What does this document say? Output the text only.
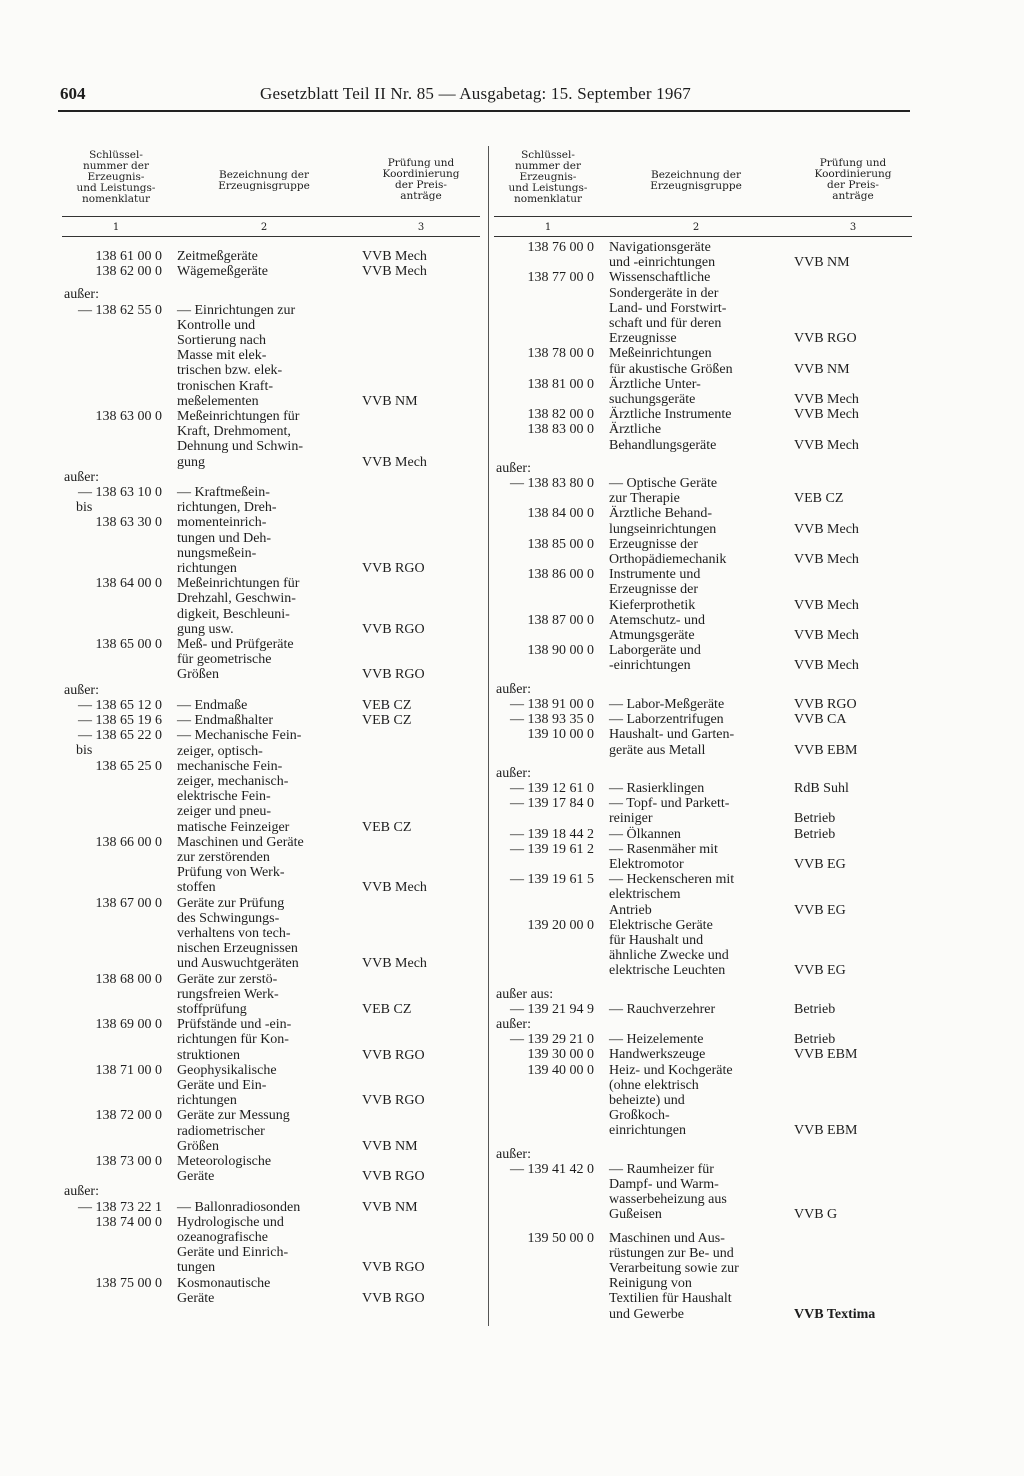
604	Gesetzblatt Teil II Nr. 85 — Ausgabetag: 15. September 1967
Schlüssel-
nummer der
Erzeugnis-
und Leistungs-
nomenklatur
Bezeichnung der
Erzeugnisgruppe
Prüfung und
Koordinierung
der Preis-
anträge
1	2	3
138 61 00 0 Zeitmeßgeräte	VVB Mech
138 62 00 0 Wägemeßgeräte	VVB Mech
außer:

— 138 62 55 0 — Einrichtungen zur
Kontrolle und
Sortierung nach
Masse mit elek-
trischen bzw. elek-
tronischen Kraft-
meßelementen	VVB NM
138 63 00 0 Meßeinrichtungen für
Kraft, Drehmoment,
Dehnung und Schwin-
gung	VVB Mech
außer:

— 138 63 10 0
bis
138 63 30 0
— Kraftmeßein-
richtungen, Dreh-
momenteinrich-
tungen und Deh-
nungsmeßein-
richtungen	VVB RGO
138 64 00 0 Meßeinrichtungen für
Drehzahl, Geschwin-
digkeit, Beschleuni-
gung usw.	VVB RGO
138 65 00 0 Meß- und Prüfgeräte
für geometrische
Größen	VVB RGO
außer:

— 138 65 12 0 — Endmaße	VEB CZ
— 138 65 19 6 — Endmaßhalter	VEB CZ
— 138 65 22 0
bis
138 65 25 0
— Mechanische Fein-
zeiger, optisch-
mechanische Fein-
zeiger, mechanisch-
elektrische Fein-
zeiger und pneu-
matische Feinzeiger	VEB CZ
138 66 00 0 Maschinen und Geräte
zur zerstörenden
Prüfung von Werk-
stoffen	VVB Mech
138 67 00 0 Geräte zur Prüfung
des Schwingungs-
verhaltens von tech-
nischen Erzeugnissen
und Auswuchtgeräten	VVB Mech
138 68 00 0 Geräte zur zerstö-
rungsfreien Werk-
stoffprüfung	VEB CZ
138 69 00 0 Prüfstände und -ein-
richtungen für Kon-
struktionen	VVB RGO
138 71 00 0 Geophysikalische
Geräte und Ein-
richtungen	VVB RGO
138 72 00 0 Geräte zur Messung
radiometrischer
Größen	VVB NM
138 73 00 0 Meteorologische
Geräte	VVB RGO
außer:

— 138 73 22 1 — Ballonradiosonden	VVB NM
138 74 00 0 Hydrologische und
ozeanografische
Geräte und Einrich-
tungen	VVB RGO
138 75 00 0 Kosmonautische
Geräte	VVB RGO
Schlüssel-
nummer der
Erzeugnis-
und Leistungs-
nomenklatur
Bezeichnung der
Erzeugnisgruppe
Prüfung und
Koordinierung
der Preis-
anträge
1	2	3
138 76 00 0 Navigationsgeräte
und -einrichtungen	VVB NM
138 77 00 0 Wissenschaftliche
Sondergeräte in der
Land- und Forstwirt-
schaft und für deren
Erzeugnisse	VVB RGO
138 78 00 0 Meßeinrichtungen
für akustische Größen	VVB NM
138 81 00 0 Ärztliche Unter-
suchungsgeräte	VVB Mech
138 82 00 0 Ärztliche Instrumente	VVB Mech
138 83 00 0 Ärztliche
Behandlungsgeräte	VVB Mech
außer:

— 138 83 80 0 — Optische Geräte
zur Therapie	VEB CZ
138 84 00 0 Ärztliche Behand-
lungseinrichtungen	VVB Mech
138 85 00 0 Erzeugnisse der
Orthopädiemechanik	VVB Mech
138 86 00 0 Instrumente und
Erzeugnisse der
Kieferprothetik	VVB Mech
138 87 00 0 Atemschutz- und
Atmungsgeräte	VVB Mech
138 90 00 0 Laborgeräte und
-einrichtungen	VVB Mech
außer:

— 138 91 00 0 — Labor-Meßgeräte	VVB RGO
— 138 93 35 0 — Laborzentrifugen	VVB CA
139 10 00 0 Haushalt- und Garten-
geräte aus Metall	VVB EBM
außer:

— 139 12 61 0 — Rasierklingen	RdB Suhl
— 139 17 84 0 — Topf- und Parkett-
reiniger	Betrieb
— 139 18 44 2 — Ölkannen	Betrieb
— 139 19 61 2 — Rasenmäher mit
Elektromotor	VVB EG
— 139 19 61 5 — Heckenscheren mit
elektrischem
Antrieb	VVB EG
139 20 00 0 Elektrische Geräte
für Haushalt und
ähnliche Zwecke und
elektrische Leuchten	VVB EG
außer aus:

— 139 21 94 9 — Rauchverzehrer	Betrieb
außer:

— 139 29 21 0 — Heizelemente	Betrieb
139 30 00 0 Handwerkszeuge	VVB EBM
139 40 00 0 Heiz- und Kochgeräte
(ohne elektrisch
beheizte) und
Großkoch-
einrichtungen	VVB EBM
außer:

— 139 41 42 0 — Raumheizer für
Dampf- und Warm-
wasserbeheizung aus
Gußeisen	VVB G
139 50 00 0 Maschinen und Aus-
rüstungen zur Be- und
Verarbeitung sowie zur
Reinigung von
Textilien für Haushalt
und Gewerbe	VVB Textima
